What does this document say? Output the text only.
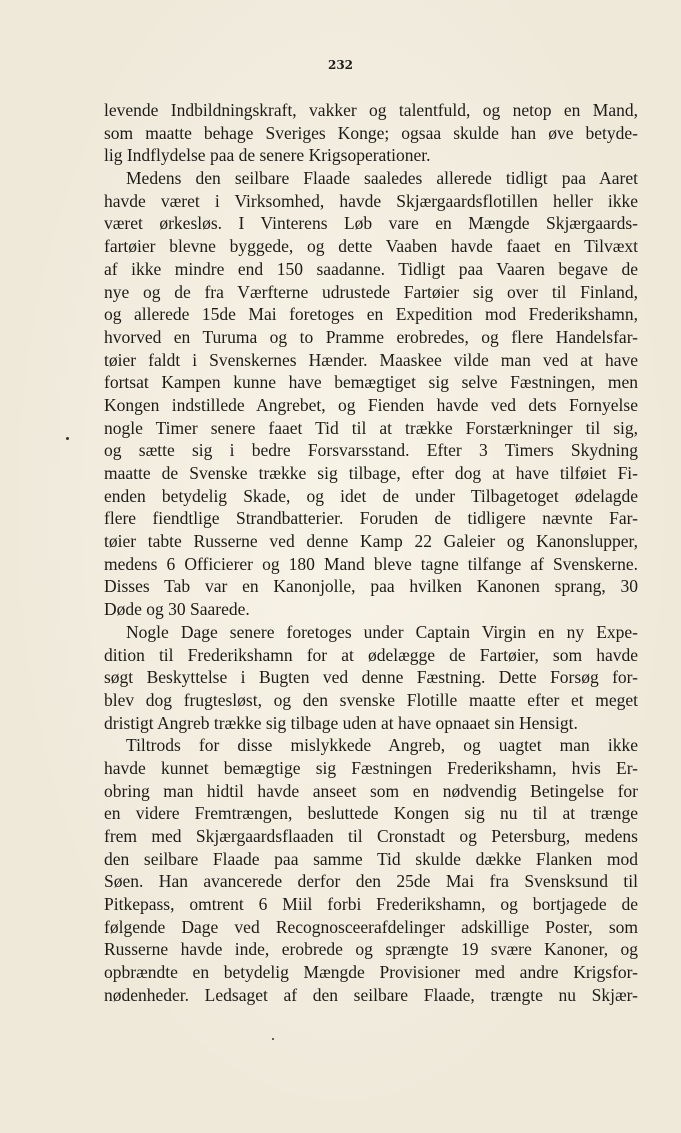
232
levende Indbildningskraft, vakker og talentfuld, og netop en Mand,
som maatte behage Sveriges Konge; ogsaa skulde han øve betyde-
lig Indflydelse paa de senere Krigsoperationer.
Medens den seilbare Flaade saaledes allerede tidligt paa Aaret
havde været i Virksomhed, havde Skjærgaardsflotillen heller ikke
været ørkesløs. I Vinterens Løb vare en Mængde Skjærgaards-
fartøier blevne byggede, og dette Vaaben havde faaet en Tilvæxt
af ikke mindre end 150 saadanne. Tidligt paa Vaaren begave de
nye og de fra Værfterne udrustede Fartøier sig over til Finland,
og allerede 15de Mai foretoges en Expedition mod Frederikshamn,
hvorved en Turuma og to Pramme erobredes, og flere Handelsfar-
tøier faldt i Svenskernes Hænder. Maaskee vilde man ved at have
fortsat Kampen kunne have bemægtiget sig selve Fæstningen, men
Kongen indstillede Angrebet, og Fienden havde ved dets Fornyelse
nogle Timer senere faaet Tid til at trække Forstærkninger til sig,
og sætte sig i bedre Forsvarsstand. Efter 3 Timers Skydning
maatte de Svenske trække sig tilbage, efter dog at have tilføiet Fi-
enden betydelig Skade, og idet de under Tilbagetoget ødelagde
flere fiendtlige Strandbatterier. Foruden de tidligere nævnte Far-
tøier tabte Russerne ved denne Kamp 22 Galeier og Kanonslupper,
medens 6 Officierer og 180 Mand bleve tagne tilfange af Svenskerne.
Disses Tab var en Kanonjolle, paa hvilken Kanonen sprang, 30
Døde og 30 Saarede.
Nogle Dage senere foretoges under Captain Virgin en ny Expe-
dition til Frederikshamn for at ødelægge de Fartøier, som havde
søgt Beskyttelse i Bugten ved denne Fæstning. Dette Forsøg for-
blev dog frugtesløst, og den svenske Flotille maatte efter et meget
dristigt Angreb trække sig tilbage uden at have opnaaet sin Hensigt.
Tiltrods for disse mislykkede Angreb, og uagtet man ikke
havde kunnet bemægtige sig Fæstningen Frederikshamn, hvis Er-
obring man hidtil havde anseet som en nødvendig Betingelse for
en videre Fremtrængen, besluttede Kongen sig nu til at trænge
frem med Skjærgaardsflaaden til Cronstadt og Petersburg, medens
den seilbare Flaade paa samme Tid skulde dække Flanken mod
Søen. Han avancerede derfor den 25de Mai fra Svensksund til
Pitkepass, omtrent 6 Miil forbi Frederikshamn, og bortjagede de
følgende Dage ved Recognosceerafdelinger adskillige Poster, som
Russerne havde inde, erobrede og sprængte 19 svære Kanoner, og
opbrændte en betydelig Mængde Provisioner med andre Krigsfor-
nødenheder. Ledsaget af den seilbare Flaade, trængte nu Skjær-
